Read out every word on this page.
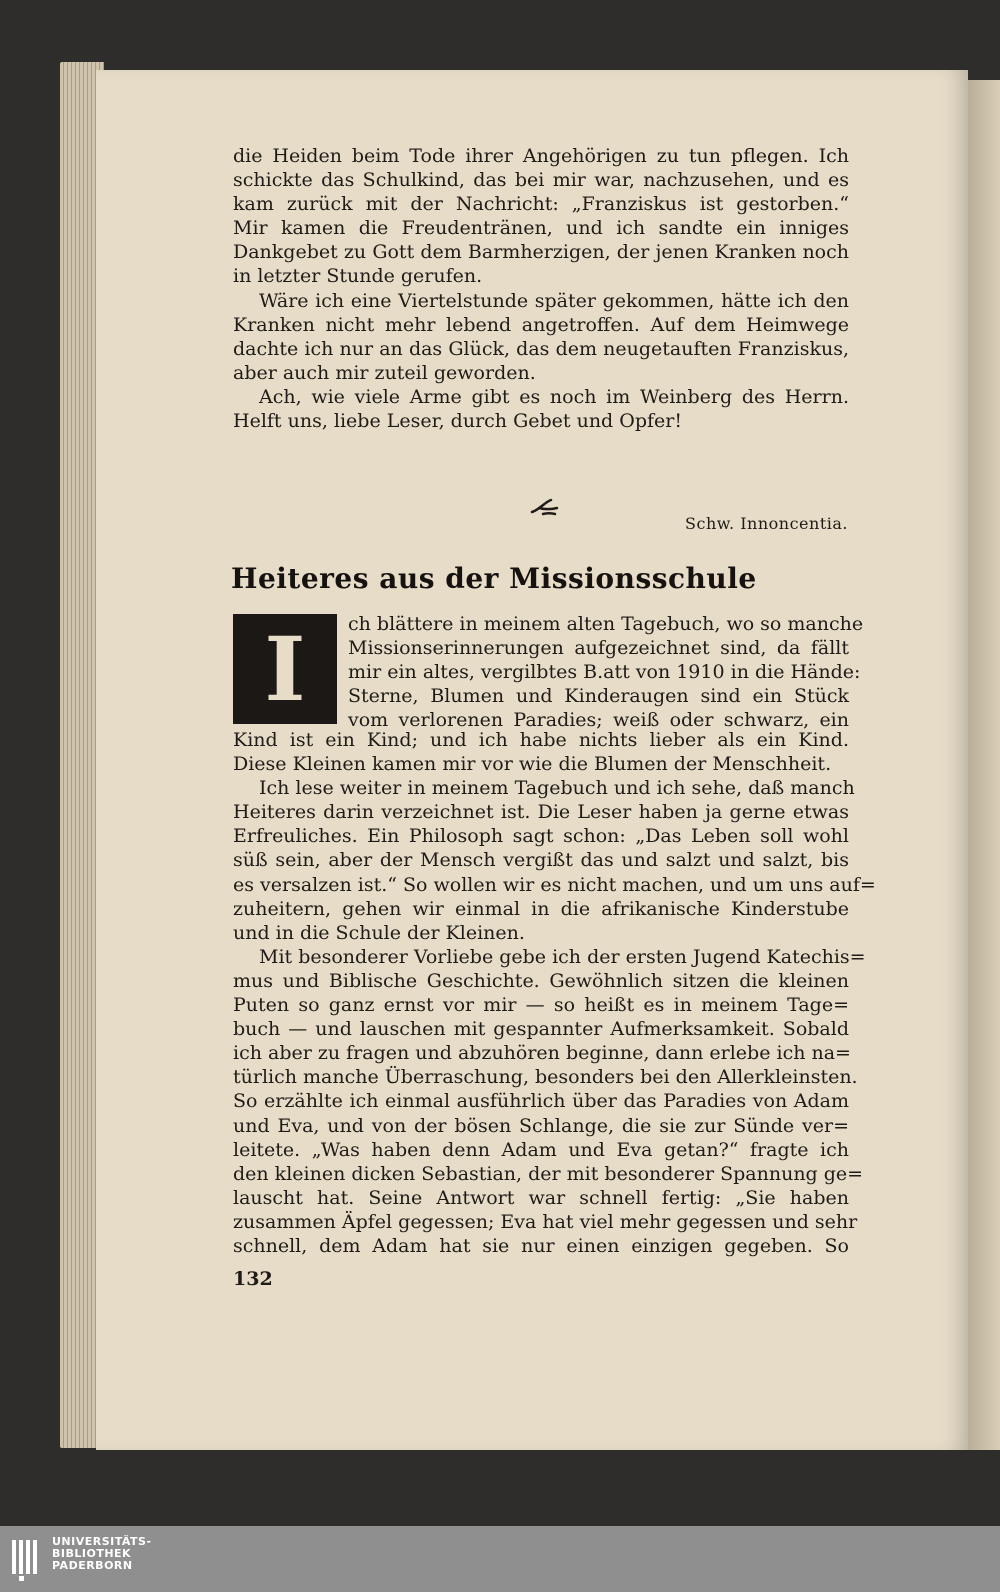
die Heiden beim Tode ihrer Angehörigen zu tun pflegen. Ich
schickte das Schulkind, das bei mir war, nachzusehen, und es
kam zurück mit der Nachricht: „Franziskus ist gestorben.“
Mir kamen die Freudentränen, und ich sandte ein inniges
Dankgebet zu Gott dem Barmherzigen, der jenen Kranken noch
in letzter Stunde gerufen.
Wäre ich eine Viertelstunde später gekommen, hätte ich den
Kranken nicht mehr lebend angetroffen. Auf dem Heimwege
dachte ich nur an das Glück, das dem neugetauften Franziskus,
aber auch mir zuteil geworden.
Ach, wie viele Arme gibt es noch im Weinberg des Herrn.
Helft uns, liebe Leser, durch Gebet und Opfer!
Schw. Innoncentia.
Heiteres aus der Missionsschule
I	ch blättere in meinem alten Tagebuch, wo so manche
Missionserinnerungen aufgezeichnet sind, da fällt
mir ein altes, vergilbtes B.att von 1910 in die Hände:
Sterne, Blumen und Kinderaugen sind ein Stück
vom verlorenen Paradies; weiß oder schwarz, ein
Kind ist ein Kind; und ich habe nichts lieber als ein Kind.
Diese Kleinen kamen mir vor wie die Blumen der Menschheit.
Ich lese weiter in meinem Tagebuch und ich sehe, daß manch
Heiteres darin verzeichnet ist. Die Leser haben ja gerne etwas
Erfreuliches. Ein Philosoph sagt schon: „Das Leben soll wohl
süß sein, aber der Mensch vergißt das und salzt und salzt, bis
es versalzen ist.“ So wollen wir es nicht machen, und um uns auf=
zuheitern, gehen wir einmal in die afrikanische Kinderstube
und in die Schule der Kleinen.
Mit besonderer Vorliebe gebe ich der ersten Jugend Katechis=
mus und Biblische Geschichte. Gewöhnlich sitzen die kleinen
Puten so ganz ernst vor mir — so heißt es in meinem Tage=
buch — und lauschen mit gespannter Aufmerksamkeit. Sobald
ich aber zu fragen und abzuhören beginne, dann erlebe ich na=
türlich manche Überraschung, besonders bei den Allerkleinsten.
So erzählte ich einmal ausführlich über das Paradies von Adam
und Eva, und von der bösen Schlange, die sie zur Sünde ver=
leitete. „Was haben denn Adam und Eva getan?“ fragte ich
den kleinen dicken Sebastian, der mit besonderer Spannung ge=
lauscht hat. Seine Antwort war schnell fertig: „Sie haben
zusammen Äpfel gegessen; Eva hat viel mehr gegessen und sehr
schnell, dem Adam hat sie nur einen einzigen gegeben. So
132
UNIVERSITÄTS-
BIBLIOTHEK
PADERBORN
